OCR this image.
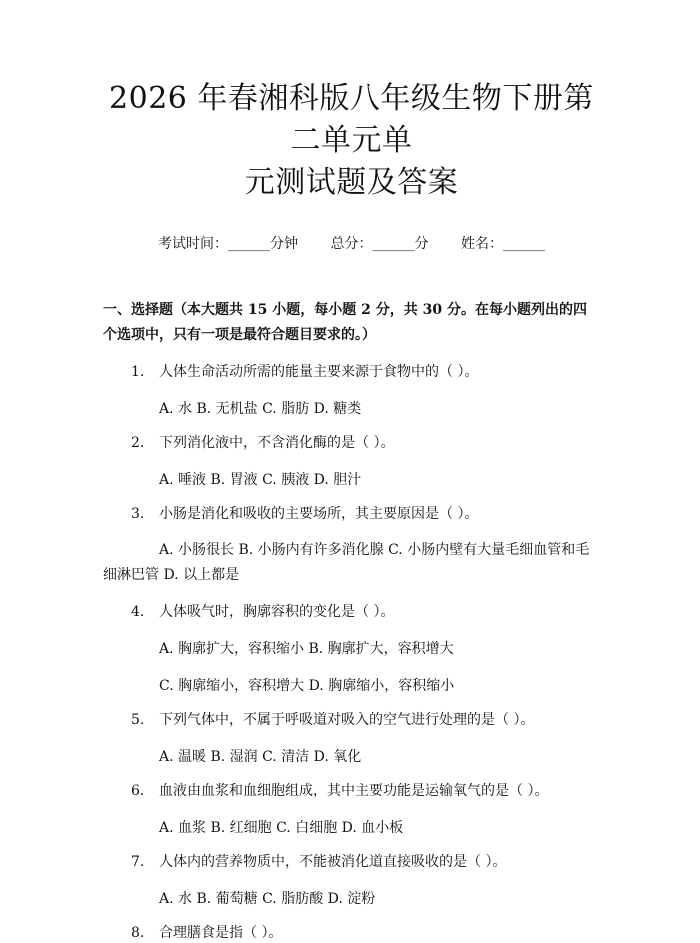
2026 年春湘科版八年级生物下册第二单元单
元测试题及答案
考试时间：______分钟 总分：______分 姓名：______
一、选择题（本大题共 15 小题，每小题 2 分，共 30 分。在每小题列出的四个选项中，只有一项是最符合题目要求的。）
1. 人体生命活动所需的能量主要来源于食物中的（ ）。
A. 水 B. 无机盐 C. 脂肪 D. 糖类
2. 下列消化液中，不含消化酶的是（ ）。
A. 唾液 B. 胃液 C. 胰液 D. 胆汁
3. 小肠是消化和吸收的主要场所，其主要原因是（ ）。
A. 小肠很长 B. 小肠内有许多消化腺 C. 小肠内壁有大量毛细血管和毛细淋巴管 D. 以上都是
4. 人体吸气时，胸廓容积的变化是（ ）。
A. 胸廓扩大，容积缩小 B. 胸廓扩大，容积增大
C. 胸廓缩小，容积增大 D. 胸廓缩小，容积缩小
5. 下列气体中，不属于呼吸道对吸入的空气进行处理的是（ ）。
A. 温暖 B. 湿润 C. 清洁 D. 氧化
6. 血液由血浆和血细胞组成，其中主要功能是运输氧气的是（ ）。
A. 血浆 B. 红细胞 C. 白细胞 D. 血小板
7. 人体内的营养物质中，不能被消化道直接吸收的是（ ）。
A. 水 B. 葡萄糖 C. 脂肪酸 D. 淀粉
8. 合理膳食是指（ ）。
